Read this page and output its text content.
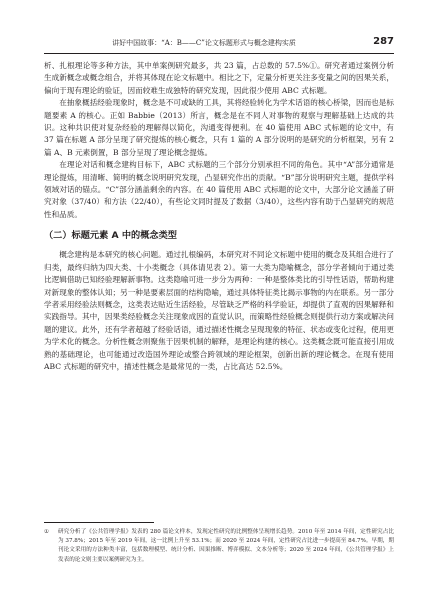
讲好中国故事：“A：B——C”论文标题形式与概念建构实质	287

析、扎根理论等多种方法，其中单案例研究最多，共 23 篇，占总数的 57.5%①。研究者通过案例分析生成新概念或概念组合，并将其体现在论文标题中。相比之下，定量分析更关注多变量之间的因果关系，偏向于现有理论的验证，因而较难生成独特的研究发现，因此很少使用 ABC 式标题。

在抽象概括经验现象时，概念是不可或缺的工具，其将经验转化为学术话语的核心桥梁，因而也是标题要素 A 的核心。正如 Babbie（2013）所言，概念是在不同人对事物的观察与理解基础上达成的共识。这种共识使对复杂经验的理解得以简化，沟通变得便利。在 40 篇使用 ABC 式标题的论文中，有 37 篇在标题 A 部分呈现了研究提炼的核心概念，只有 1 篇的 A 部分说明的是研究的分析框架，另有 2 篇 A、B 元素倒置，B 部分呈现了理论概念提炼。

在理论对话和概念建构目标下，ABC 式标题的三个部分分别承担不同的角色。其中“A”部分通常是理论提炼，用清晰、简明的概念说明研究发现，凸显研究作出的贡献。“B”部分说明研究主题，提供学科领域对话的锚点。“C”部分涵盖剩余的内容。在 40 篇使用 ABC 式标题的论文中，大部分论文涵盖了研究对象（37/40）和方法（22/40），有些论文同时提及了数据（3/40），这些内容有助于凸显研究的规范性和品质。

（二）标题元素 A 中的概念类型

概念建构是本研究的核心问题。通过扎根编码，本研究对不同论文标题中使用的概念及其组合进行了归类，最终归纳为四大类、十小类概念（具体请见表 2）。第一大类为隐喻概念，部分学者倾向于通过类比逻辑借助已知经验理解新事物。这类隐喻可进一步分为两种：一种是整体类比的引导性话语，帮助构建对新现象的整体认知；另一种是要素层面的结构隐喻，通过具体特征类比揭示事物的内在联系。另一部分学者采用经验法则概念，这类表达贴近生活经验，尽管缺乏严格的科学验证，却提供了直观的因果解释和实践指导。其中，因果类经验概念关注现象成因的直觉认识，而策略性经验概念则提供行动方案或解决问题的建议。此外，还有学者超越了经验话语，通过描述性概念呈现现象的特征、状态或变化过程，使用更为学术化的概念。分析性概念则聚焦于因果机制的解释，是理论构建的核心。这类概念既可能直接引用成熟的基础理论，也可能通过改造国外理论或整合跨领域的理论框架，创新出新的理论概念。在现有使用 ABC 式标题的研究中，描述性概念是最常见的一类，占比高达 52.5%。

①	研究分析了《公共管理学报》发表的 280 篇论文样本，发现定性研究的比例整体呈现增长趋势。2010 年至 2014 年间，定性研究占比为 37.8%；2015 年至 2019 年间，这一比例上升至 53.1%；而 2020 至 2024 年间，定性研究占比进一步提高至 84.7%。早期，期刊论文采用的方法种类丰富，包括数理模型、统计分析、因果推断、博弈模拟、文本分析等；2020 至 2024 年间，《公共管理学报》上发表的论文则主要以案例研究为主。
